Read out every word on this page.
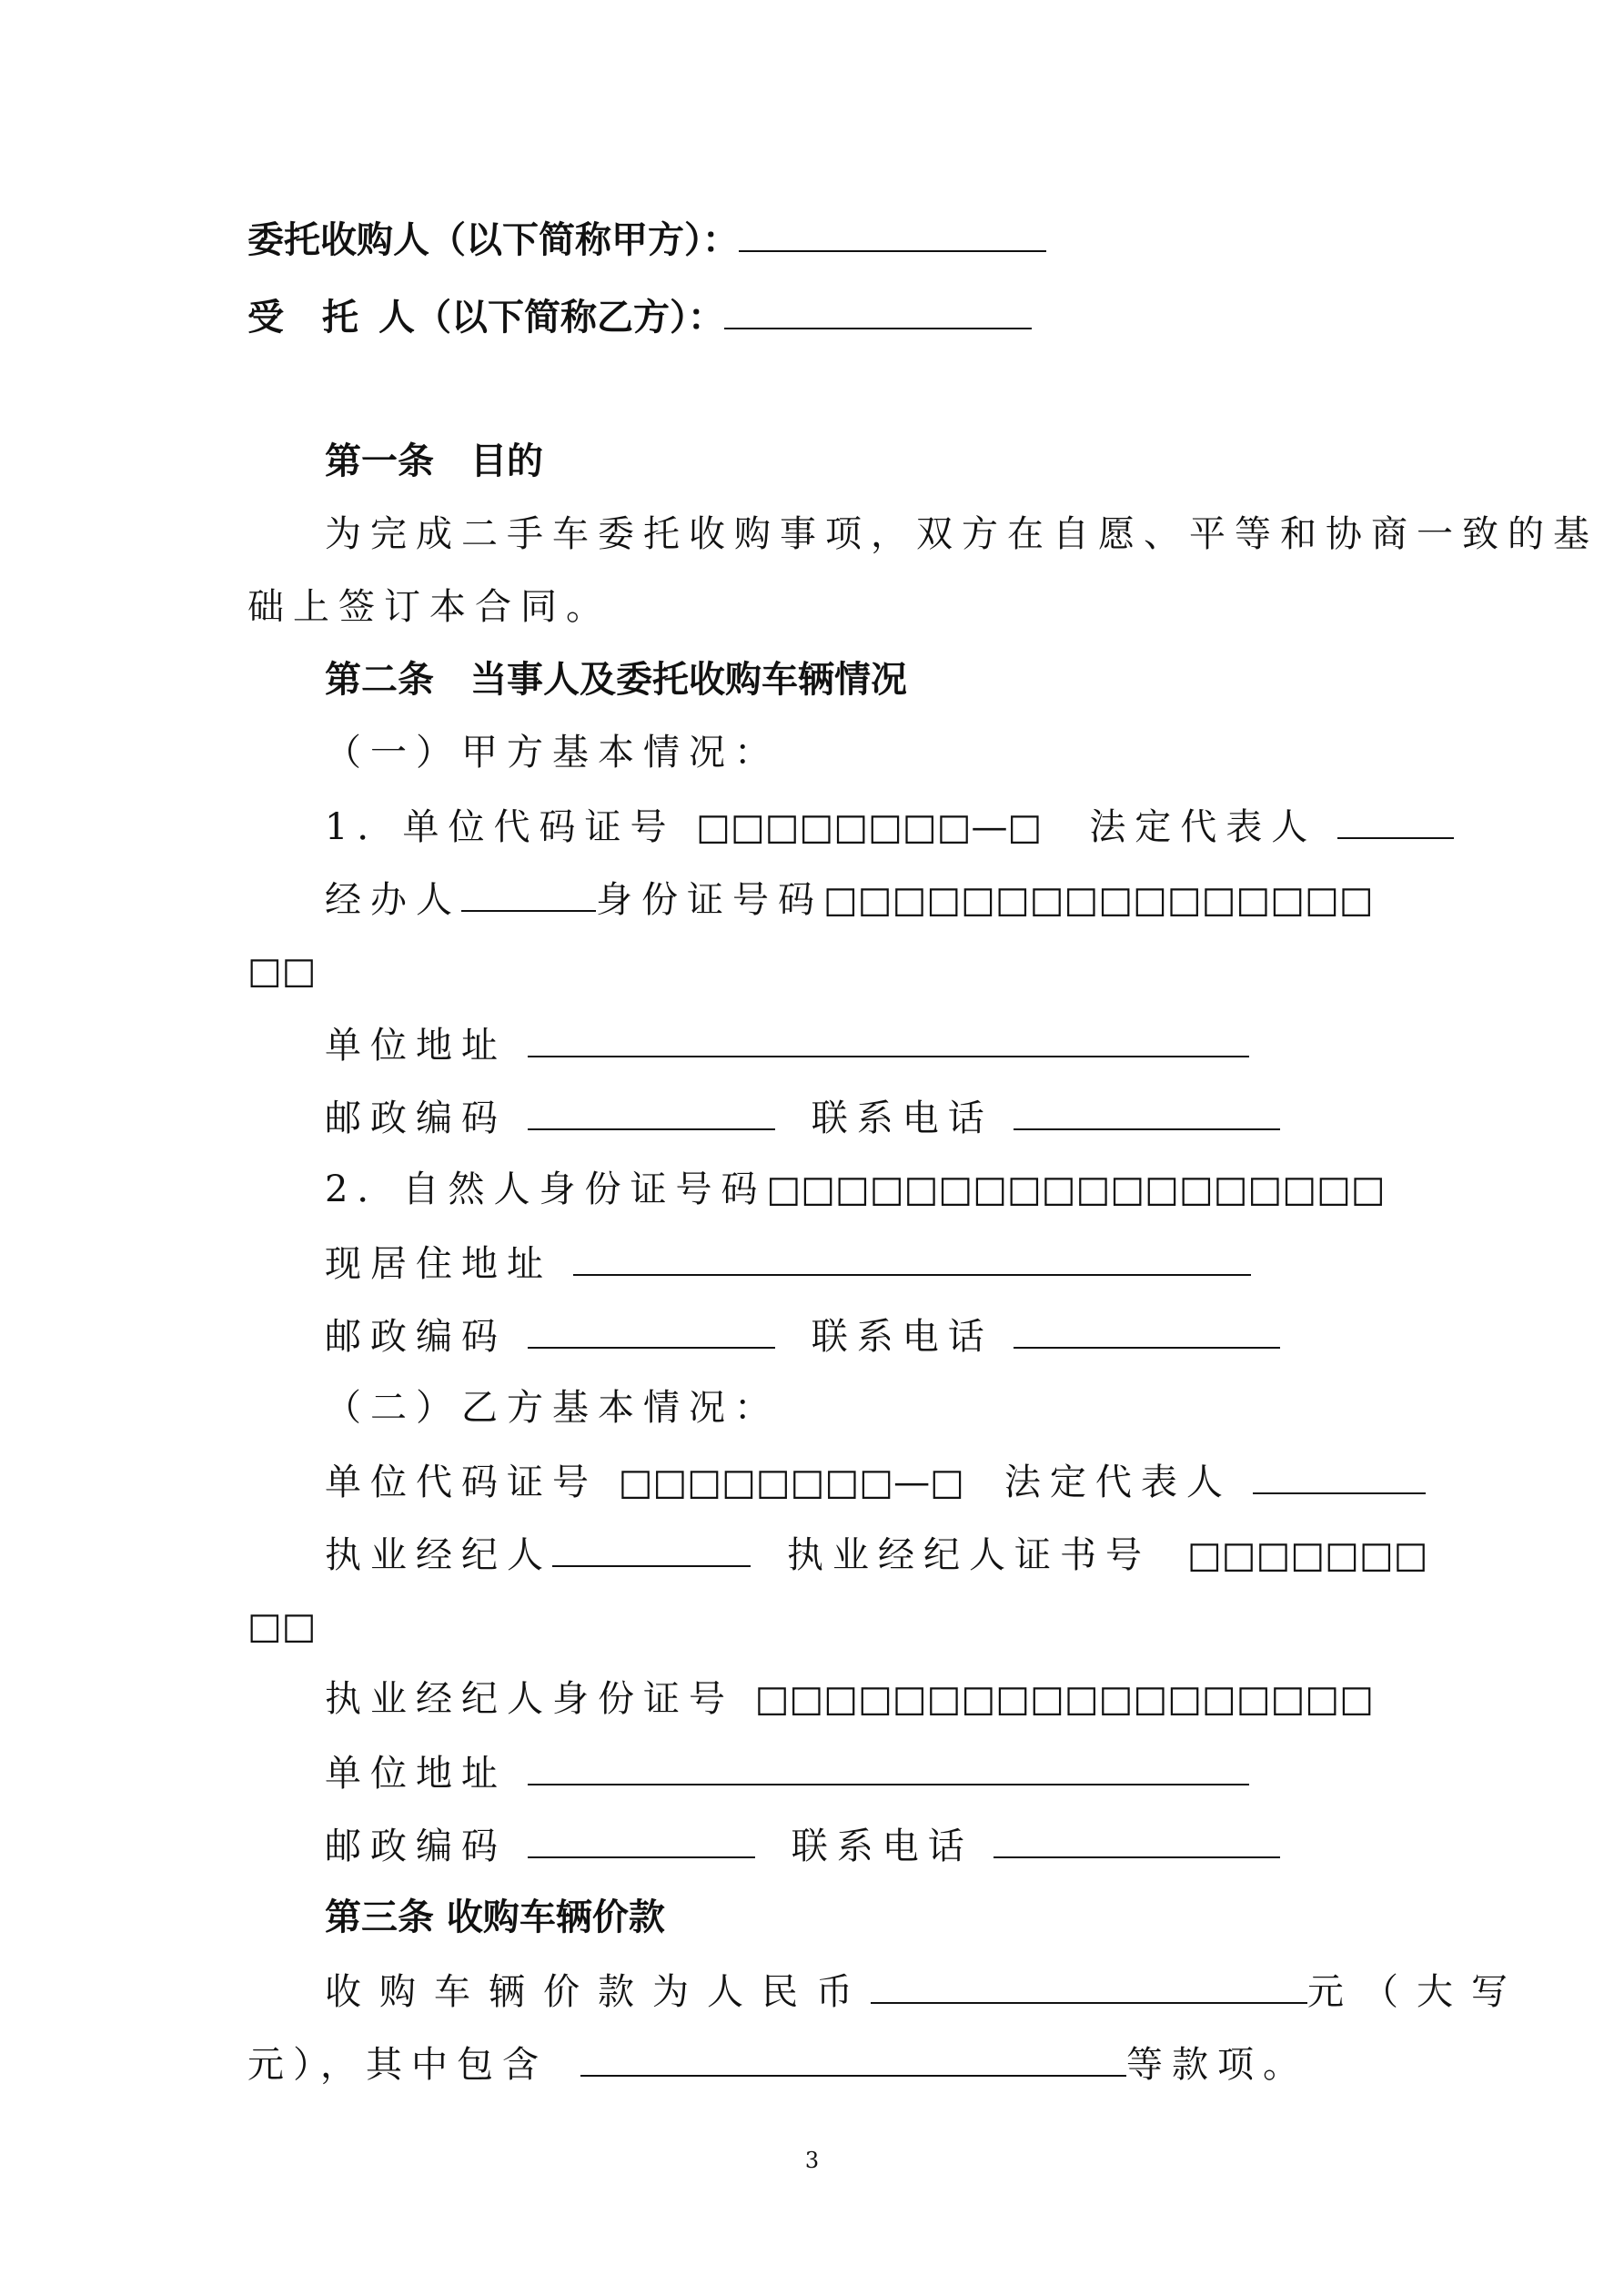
委托收购人（以下简称甲方）：
受 托 人（以下简称乙方）：
第一条　目的
为完成二手车委托收购事项，双方在自愿、平等和协商一致的基
础上签订本合同。
第二条　当事人及委托收购车辆情况
（一）甲方基本情况：
1．单位代码证号 □□□□□□□□—□ 法定代表人
经办人	身份证号码□□□□□□□□□□□□□□□□
□□
单位地址
邮政编码	联系电话
2．自然人身份证号码□□□□□□□□□□□□□□□□□□
现居住地址
邮政编码	联系电话
（二）乙方基本情况：
单位代码证号 □□□□□□□□—□ 法定代表人
执业经纪人	执业经纪人证书号 □□□□□□□
□□
执业经纪人身份证号 □□□□□□□□□□□□□□□□□□
单位地址
邮政编码	联系电话
第三条 收购车辆价款
收购车辆价款为人民币	元（大写
元），其中包含	等款项。
3
